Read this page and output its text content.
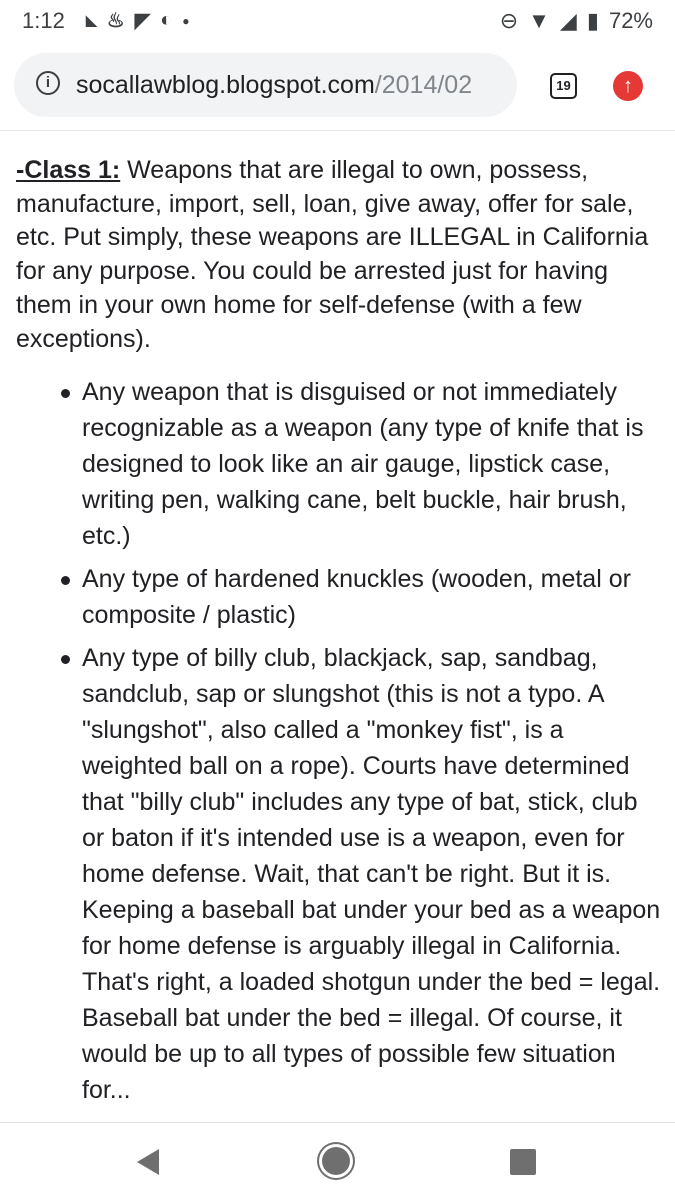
1:12 ◣ ♨ ◤ ◐ ●	⊖ ▼ ◢ ▮ 72%
i	socallawblog.blogspot.com/2014/02	19	↑

-Class 1: Weapons that are illegal to own, possess, manufacture, import, sell, loan, give away, offer for sale, etc. Put simply, these weapons are ILLEGAL in California for any purpose. You could be arrested just for having them in your own home for self-defense (with a few exceptions).

Any weapon that is disguised or not immediately recognizable as a weapon (any type of knife that is designed to look like an air gauge, lipstick case, writing pen, walking cane, belt buckle, hair brush, etc.)
Any type of hardened knuckles (wooden, metal or composite / plastic)
Any type of billy club, blackjack, sap, sandbag, sandclub, sap or slungshot (this is not a typo. A "slungshot", also called a "monkey fist", is a weighted ball on a rope). Courts have determined that "billy club" includes any type of bat, stick, club or baton if it's intended use is a weapon, even for home defense. Wait, that can't be right. But it is. Keeping a baseball bat under your bed as a weapon for home defense is arguably illegal in California. That's right, a loaded shotgun under the bed = legal. Baseball bat under the bed = illegal. Of course, it would be up to all types of possible few situation for...
